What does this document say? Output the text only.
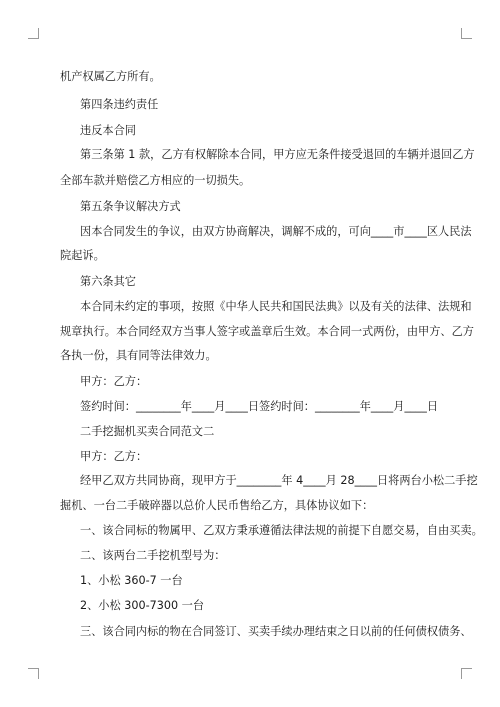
机产权属乙方所有。

第四条违约责任

违反本合同

第三条第 1 款，乙方有权解除本合同，甲方应无条件接受退回的车辆并退回乙方

全部车款并赔偿乙方相应的一切损失。

第五条争议解决方式

因本合同发生的争议，由双方协商解决，调解不成的，可向____市____区人民法

院起诉。

第六条其它

本合同未约定的事项，按照《中华人民共和国民法典》以及有关的法律、法规和

规章执行。本合同经双方当事人签字或盖章后生效。本合同一式两份，由甲方、乙方

各执一份，具有同等法律效力。

甲方：乙方：

签约时间：________年____月____日签约时间：________年____月____日

二手挖掘机买卖合同范文二

甲方：乙方：

经甲乙双方共同协商，现甲方于________年 4____月 28____日将两台小松二手挖

掘机、一台二手破碎器以总价人民币售给乙方，具体协议如下：

一、该合同标的物属甲、乙双方秉承遵循法律法规的前提下自愿交易，自由买卖。

二、该两台二手挖机型号为：

1、小松 360-7 一台

2、小松 300-7300 一台

三、该合同内标的物在合同签订、买卖手续办理结束之日以前的任何债权债务、
